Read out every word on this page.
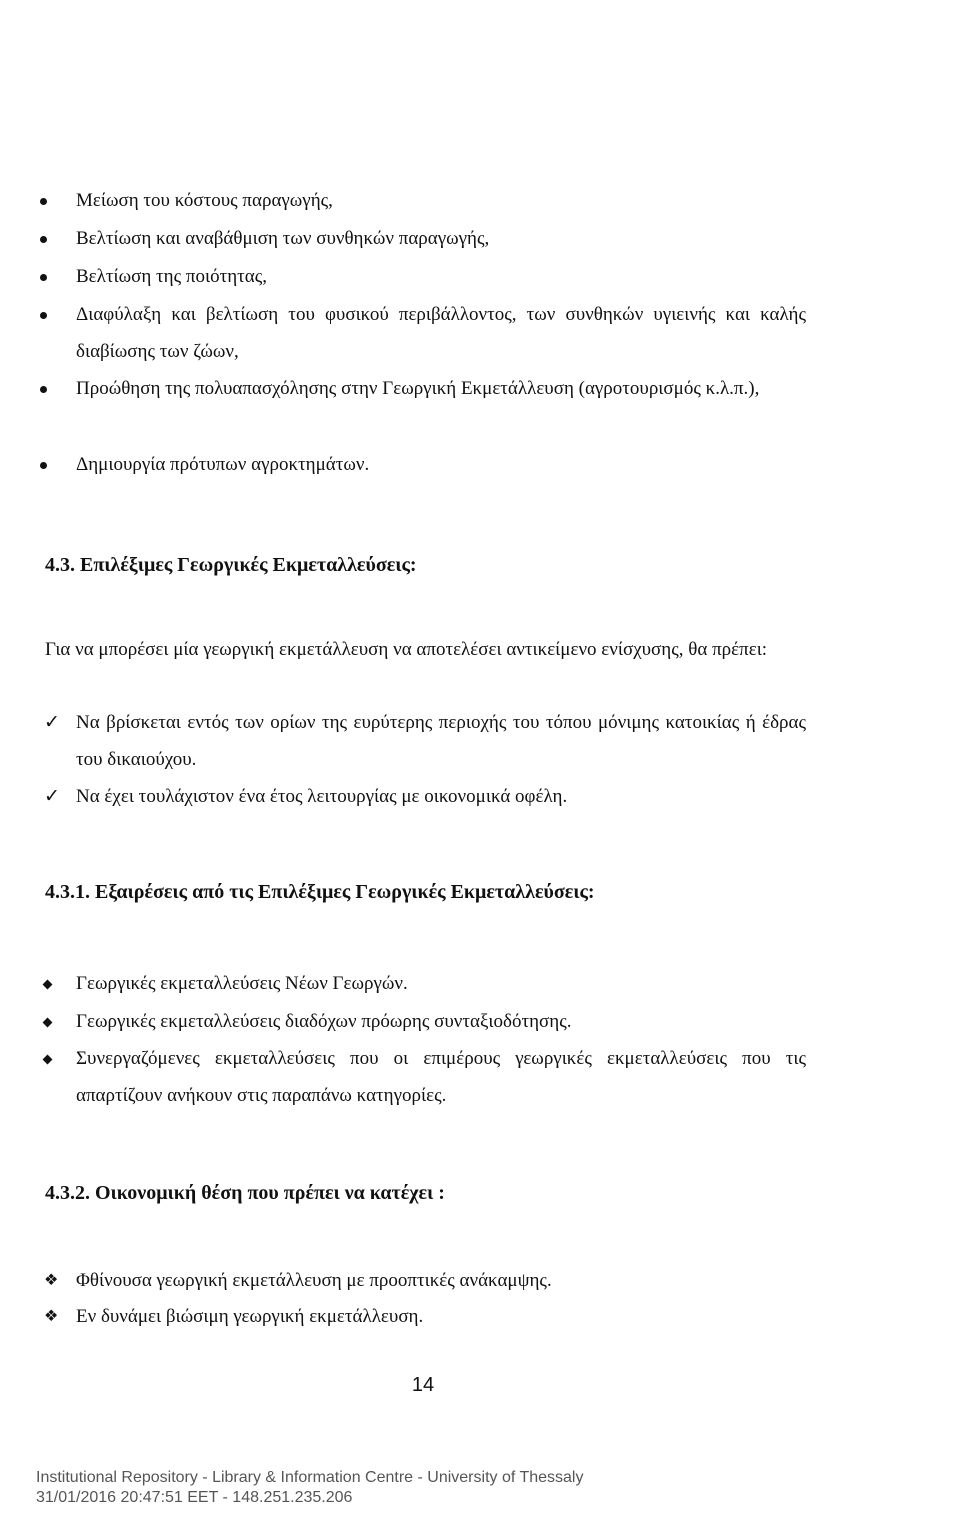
Μείωση του κόστους παραγωγής,
Βελτίωση και αναβάθμιση των συνθηκών παραγωγής,
Βελτίωση της ποιότητας,
Διαφύλαξη και βελτίωση του φυσικού περιβάλλοντος, των συνθηκών υγιεινής και καλής διαβίωσης των ζώων,
Προώθηση της πολυαπασχόλησης στην Γεωργική Εκμετάλλευση (αγροτουρισμός κ.λ.π.),
Δημιουργία πρότυπων αγροκτημάτων.
4.3. Επιλέξιμες Γεωργικές Εκμεταλλεύσεις:
Για να μπορέσει μία γεωργική εκμετάλλευση να αποτελέσει αντικείμενο ενίσχυσης, θα πρέπει:
✓ Να βρίσκεται εντός των ορίων της ευρύτερης περιοχής του τόπου μόνιμης κατοικίας ή έδρας του δικαιούχου.
✓ Να έχει τουλάχιστον ένα έτος λειτουργίας με οικονομικά οφέλη.
4.3.1. Εξαιρέσεις από τις Επιλέξιμες Γεωργικές Εκμεταλλεύσεις:
Γεωργικές εκμεταλλεύσεις Νέων Γεωργών.
Γεωργικές εκμεταλλεύσεις διαδόχων πρόωρης συνταξιοδότησης.
Συνεργαζόμενες εκμεταλλεύσεις που οι επιμέρους γεωργικές εκμεταλλεύσεις που τις απαρτίζουν ανήκουν στις παραπάνω κατηγορίες.
4.3.2. Οικονομική θέση που πρέπει να κατέχει :
❖ Φθίνουσα γεωργική εκμετάλλευση με προοπτικές ανάκαμψης.
❖ Εν δυνάμει βιώσιμη γεωργική εκμετάλλευση.
14
Institutional Repository - Library & Information Centre - University of Thessaly
31/01/2016 20:47:51 EET - 148.251.235.206
